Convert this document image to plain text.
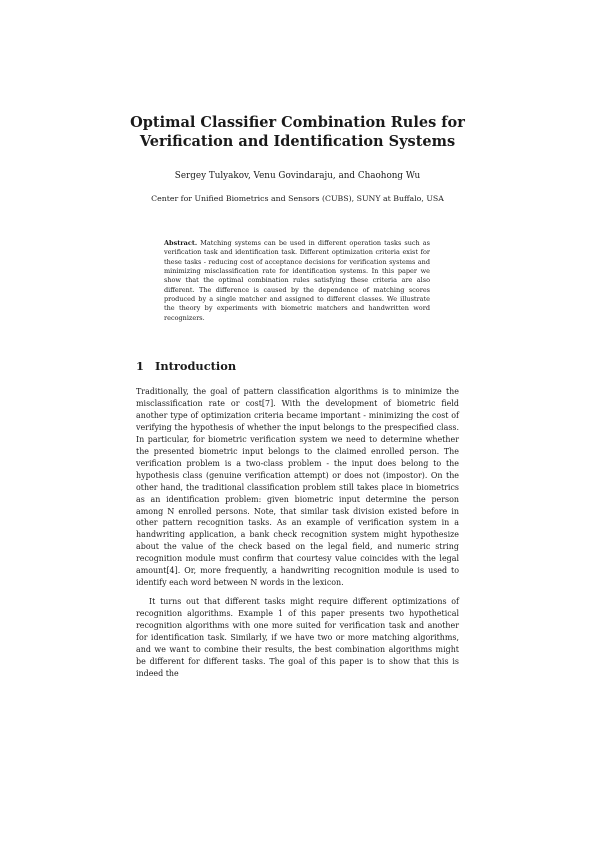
Optimal Classifier Combination Rules for
Verification and Identification Systems
Sergey Tulyakov, Venu Govindaraju, and Chaohong Wu
Center for Unified Biometrics and Sensors (CUBS), SUNY at Buffalo, USA

Abstract. Matching systems can be used in different operation tasks such as verification task and identification task. Different optimization criteria exist for these tasks - reducing cost of acceptance decisions for verification systems and minimizing misclassification rate for identification systems. In this paper we show that the optimal combination rules satisfying these criteria are also different. The difference is caused by the dependence of matching scores produced by a single matcher and assigned to different classes. We illustrate the theory by experiments with biometric matchers and handwritten word recognizers.

1 Introduction

Traditionally, the goal of pattern classification algorithms is to minimize the misclassification rate or cost[7]. With the development of biometric field another type of optimization criteria became important - minimizing the cost of verifying the hypothesis of whether the input belongs to the prespecified class. In particular, for biometric verification system we need to determine whether the presented biometric input belongs to the claimed enrolled person. The verification problem is a two-class problem - the input does belong to the hypothesis class (genuine verification attempt) or does not (impostor). On the other hand, the traditional classification problem still takes place in biometrics as an identification problem: given biometric input determine the person among N enrolled persons. Note, that similar task division existed before in other pattern recognition tasks. As an example of verification system in a handwriting application, a bank check recognition system might hypothesize about the value of the check based on the legal field, and numeric string recognition module must confirm that courtesy value coincides with the legal amount[4]. Or, more frequently, a handwriting recognition module is used to identify each word between N words in the lexicon.

It turns out that different tasks might require different optimizations of recognition algorithms. Example 1 of this paper presents two hypothetical recognition algorithms with one more suited for verification task and another for identification task. Similarly, if we have two or more matching algorithms, and we want to combine their results, the best combination algorithms might be different for different tasks. The goal of this paper is to show that this is indeed the
